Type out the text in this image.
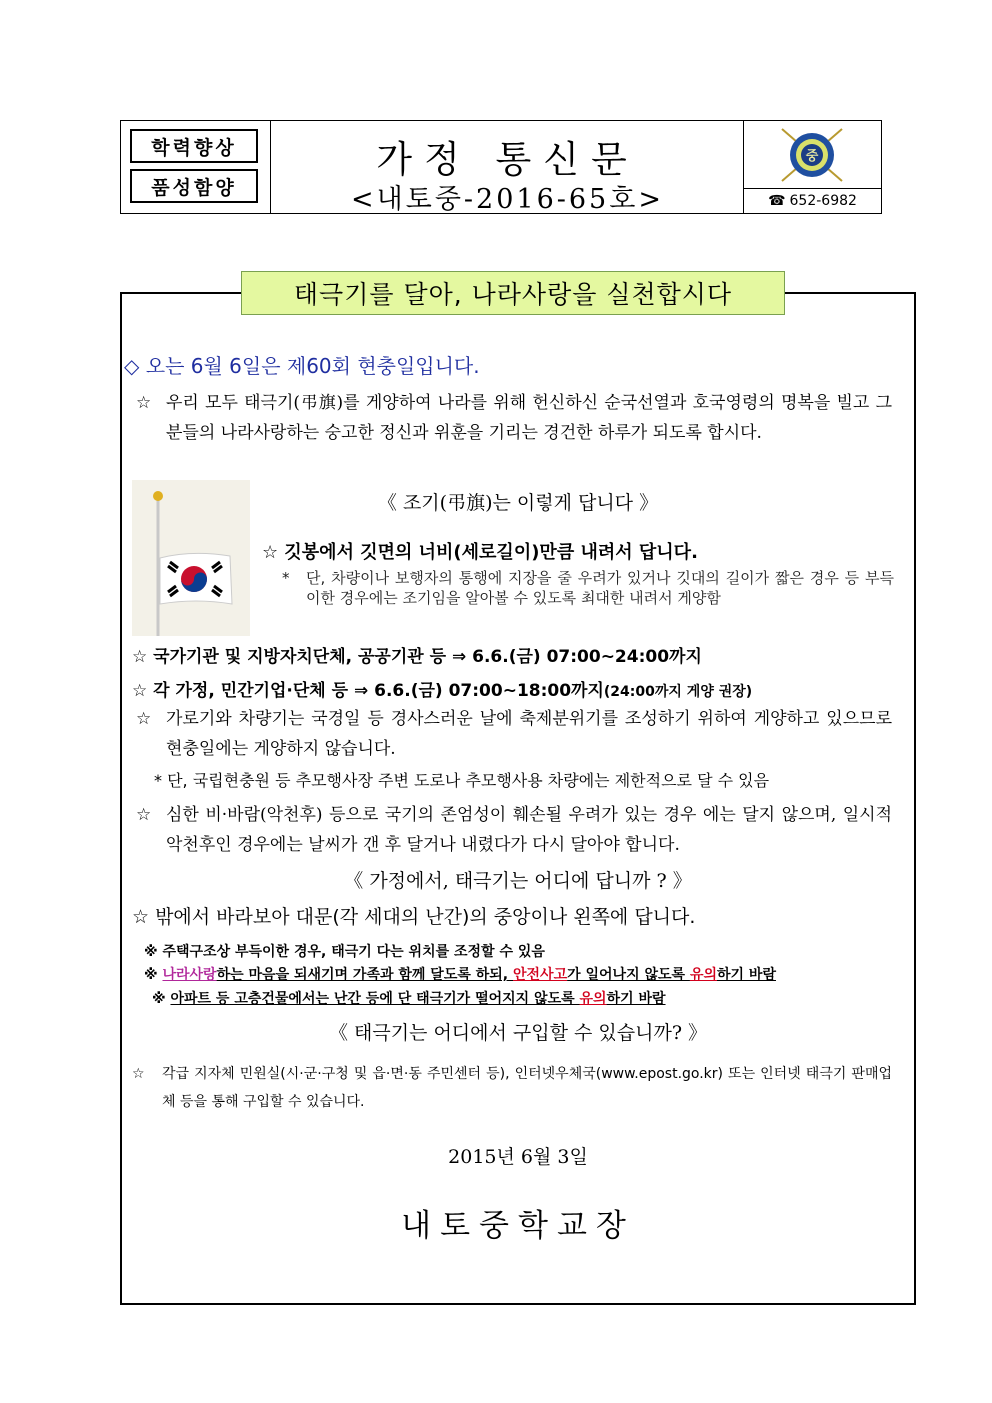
학력향상
품성함양
가정 통신문
<내토중-2016-65호>
중
☎ 652-6982
태극기를 달아, 나라사랑을 실천합시다
◇ 오는 6월 6일은 제60회 현충일입니다.
☆ 우리 모두 태극기(弔旗)를 게양하여 나라를 위해 헌신하신 순국선열과 호국영령의 명복을 빌고 그분들의 나라사랑하는 숭고한 정신과 위훈을 기리는 경건한 하루가 되도록 합시다.
《 조기(弔旗)는 이렇게 답니다 》
☆ 깃봉에서 깃면의 너비(세로길이)만큼 내려서 답니다.
*	단, 차량이나 보행자의 통행에 지장을 줄 우려가 있거나 깃대의 길이가 짧은 경우 등 부득이한 경우에는 조기임을 알아볼 수 있도록 최대한 내려서 게양함
☆ 국가기관 및 지방자치단체, 공공기관 등 ⇒ 6.6.(금) 07:00~24:00까지
☆ 각 가정, 민간기업·단체 등 ⇒ 6.6.(금) 07:00~18:00까지(24:00까지 게양 권장)
☆ 가로기와 차량기는 국경일 등 경사스러운 날에 축제분위기를 조성하기 위하여 게양하고 있으므로 현충일에는 게양하지 않습니다.
* 단, 국립현충원 등 추모행사장 주변 도로나 추모행사용 차량에는 제한적으로 달 수 있음
☆ 심한 비·바람(악천후) 등으로 국기의 존엄성이 훼손될 우려가 있는 경우 에는 달지 않으며, 일시적 악천후인 경우에는 날씨가 갠 후 달거나 내렸다가 다시 달아야 합니다.
《 가정에서, 태극기는 어디에 답니까 ? 》
☆ 밖에서 바라보아 대문(각 세대의 난간)의 중앙이나 왼쪽에 답니다.
※ 주택구조상 부득이한 경우, 태극기 다는 위치를 조정할 수 있음
※ 나라사랑하는 마음을 되새기며 가족과 함께 달도록 하되, 안전사고가 일어나지 않도록 유의하기 바람
※ 아파트 등 고층건물에서는 난간 등에 단 태극기가 떨어지지 않도록 유의하기 바람
《 태극기는 어디에서 구입할 수 있습니까? 》
☆	각급 지자체 민원실(시·군·구청 및 읍·면·동 주민센터 등), 인터넷우체국(www.epost.go.kr) 또는 인터넷 태극기 판매업체 등을 통해 구입할 수 있습니다.
2015년 6월 3일
내토중학교장
